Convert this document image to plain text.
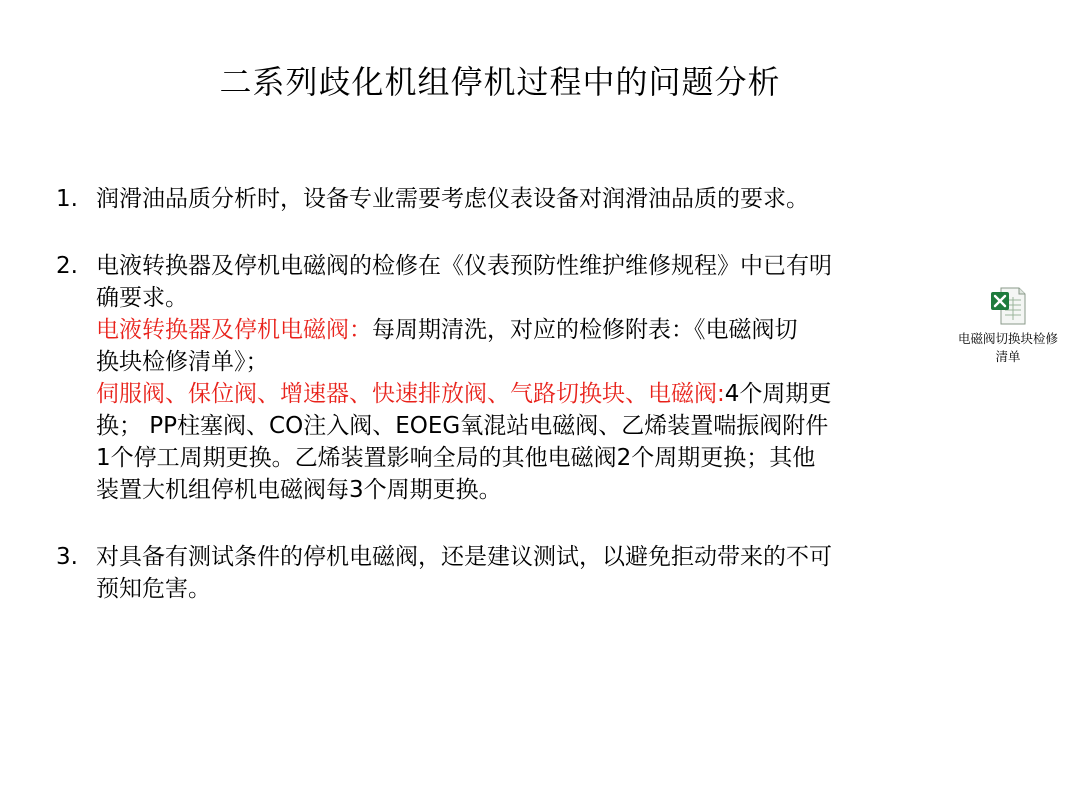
二系列歧化机组停机过程中的问题分析
1. 润滑油品质分析时，设备专业需要考虑仪表设备对润滑油品质的要求。
2. 电液转换器及停机电磁阀的检修在《仪表预防性维护维修规程》中已有明
确要求。
电液转换器及停机电磁阀：每周期清洗，对应的检修附表：《电磁阀切
换块检修清单》；
伺服阀、保位阀、增速器、快速排放阀、气路切换块、电磁阀:4个周期更
换； PP柱塞阀、CO注入阀、EOEG氧混站电磁阀、乙烯装置喘振阀附件
1个停工周期更换。乙烯装置影响全局的其他电磁阀2个周期更换；其他
装置大机组停机电磁阀每3个周期更换。
3. 对具备有测试条件的停机电磁阀，还是建议测试，以避免拒动带来的不可
预知危害。
电磁阀切换块检修
清单
